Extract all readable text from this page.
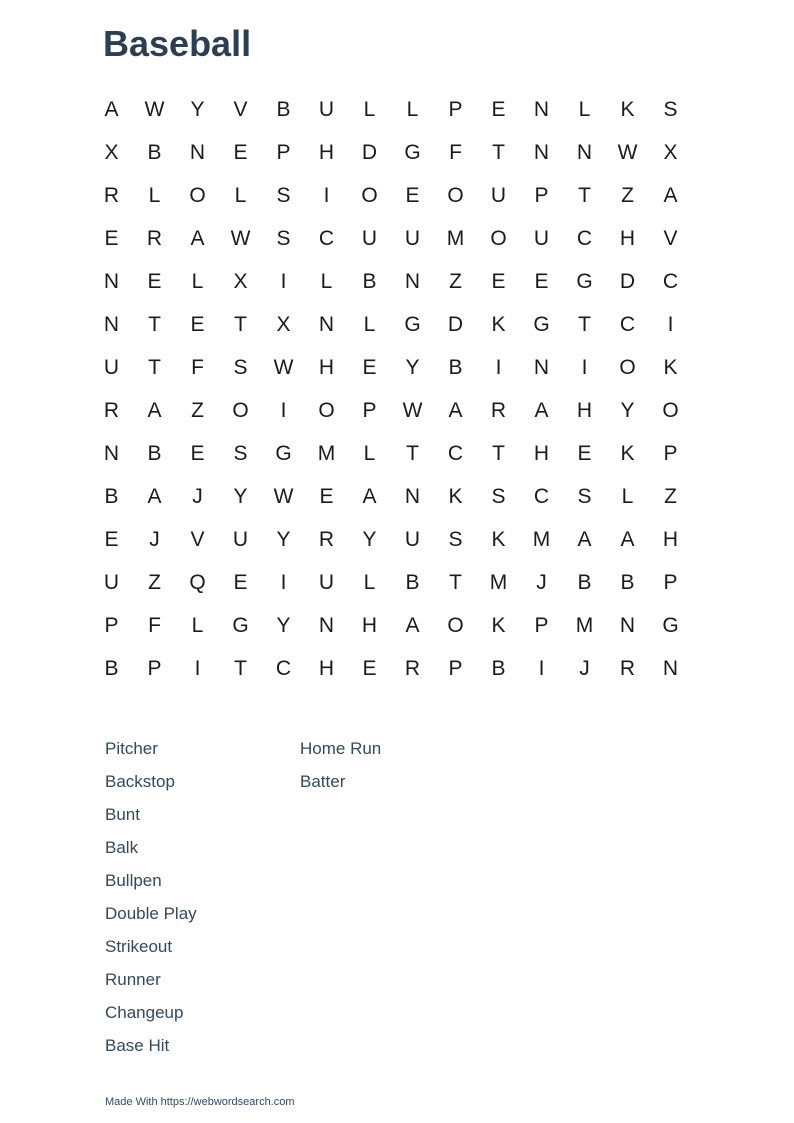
Baseball
A	W	Y	V	B	U	L	L	P	E	N	L	K	S
X	B	N	E	P	H	D	G	F	T	N	N	W	X
R	L	O	L	S	I	O	E	O	U	P	T	Z	A
E	R	A	W	S	C	U	U	M	O	U	C	H	V
N	E	L	X	I	L	B	N	Z	E	E	G	D	C
N	T	E	T	X	N	L	G	D	K	G	T	C	I
U	T	F	S	W	H	E	Y	B	I	N	I	O	K
R	A	Z	O	I	O	P	W	A	R	A	H	Y	O
N	B	E	S	G	M	L	T	C	T	H	E	K	P
B	A	J	Y	W	E	A	N	K	S	C	S	L	Z
E	J	V	U	Y	R	Y	U	S	K	M	A	A	H
U	Z	Q	E	I	U	L	B	T	M	J	B	B	P
P	F	L	G	Y	N	H	A	O	K	P	M	N	G
B	P	I	T	C	H	E	R	P	B	I	J	R	N
Pitcher
Backstop
Bunt
Balk
Bullpen
Double Play
Strikeout
Runner
Changeup
Base Hit
Home Run
Batter
Made With https://webwordsearch.com
